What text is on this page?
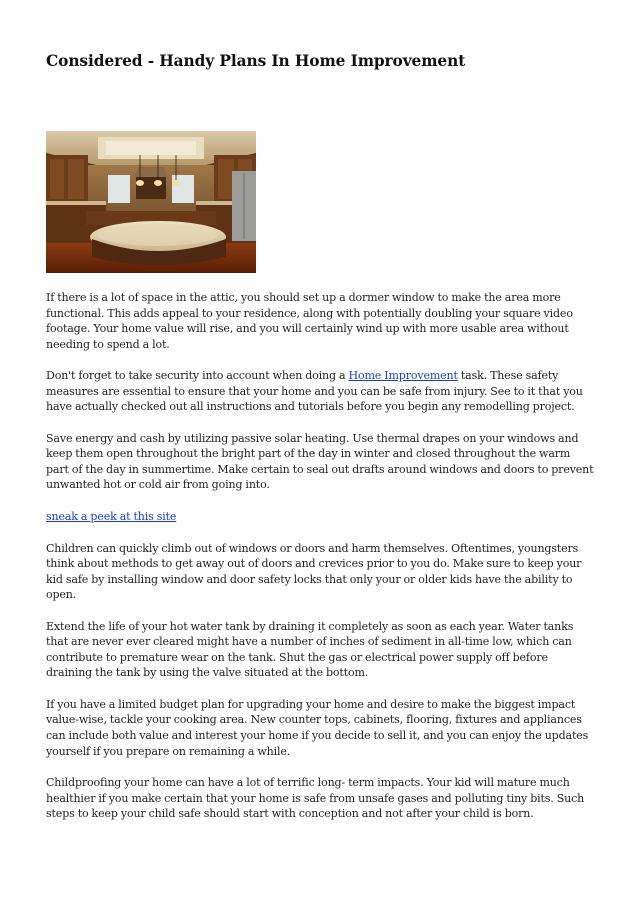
Considered - Handy Plans In Home Improvement

If there is a lot of space in the attic, you should set up a dormer window to make the area more functional. This adds appeal to your residence, along with potentially doubling your square video footage. Your home value will rise, and you will certainly wind up with more usable area without needing to spend a lot.

Don't forget to take security into account when doing a Home Improvement task. These safety measures are essential to ensure that your home and you can be safe from injury. See to it that you have actually checked out all instructions and tutorials before you begin any remodelling project.

Save energy and cash by utilizing passive solar heating. Use thermal drapes on your windows and keep them open throughout the bright part of the day in winter and closed throughout the warm part of the day in summertime. Make certain to seal out drafts around windows and doors to prevent unwanted hot or cold air from going into.

sneak a peek at this site

Children can quickly climb out of windows or doors and harm themselves. Oftentimes, youngsters think about methods to get away out of doors and crevices prior to you do. Make sure to keep your kid safe by installing window and door safety locks that only your or older kids have the ability to open.

Extend the life of your hot water tank by draining it completely as soon as each year. Water tanks that are never ever cleared might have a number of inches of sediment in all-time low, which can contribute to premature wear on the tank. Shut the gas or electrical power supply off before draining the tank by using the valve situated at the bottom.

If you have a limited budget plan for upgrading your home and desire to make the biggest impact value-wise, tackle your cooking area. New counter tops, cabinets, flooring, fixtures and appliances can include both value and interest your home if you decide to sell it, and you can enjoy the updates yourself if you prepare on remaining a while.

Childproofing your home can have a lot of terrific long- term impacts. Your kid will mature much healthier if you make certain that your home is safe from unsafe gases and polluting tiny bits. Such steps to keep your child safe should start with conception and not after your child is born.
